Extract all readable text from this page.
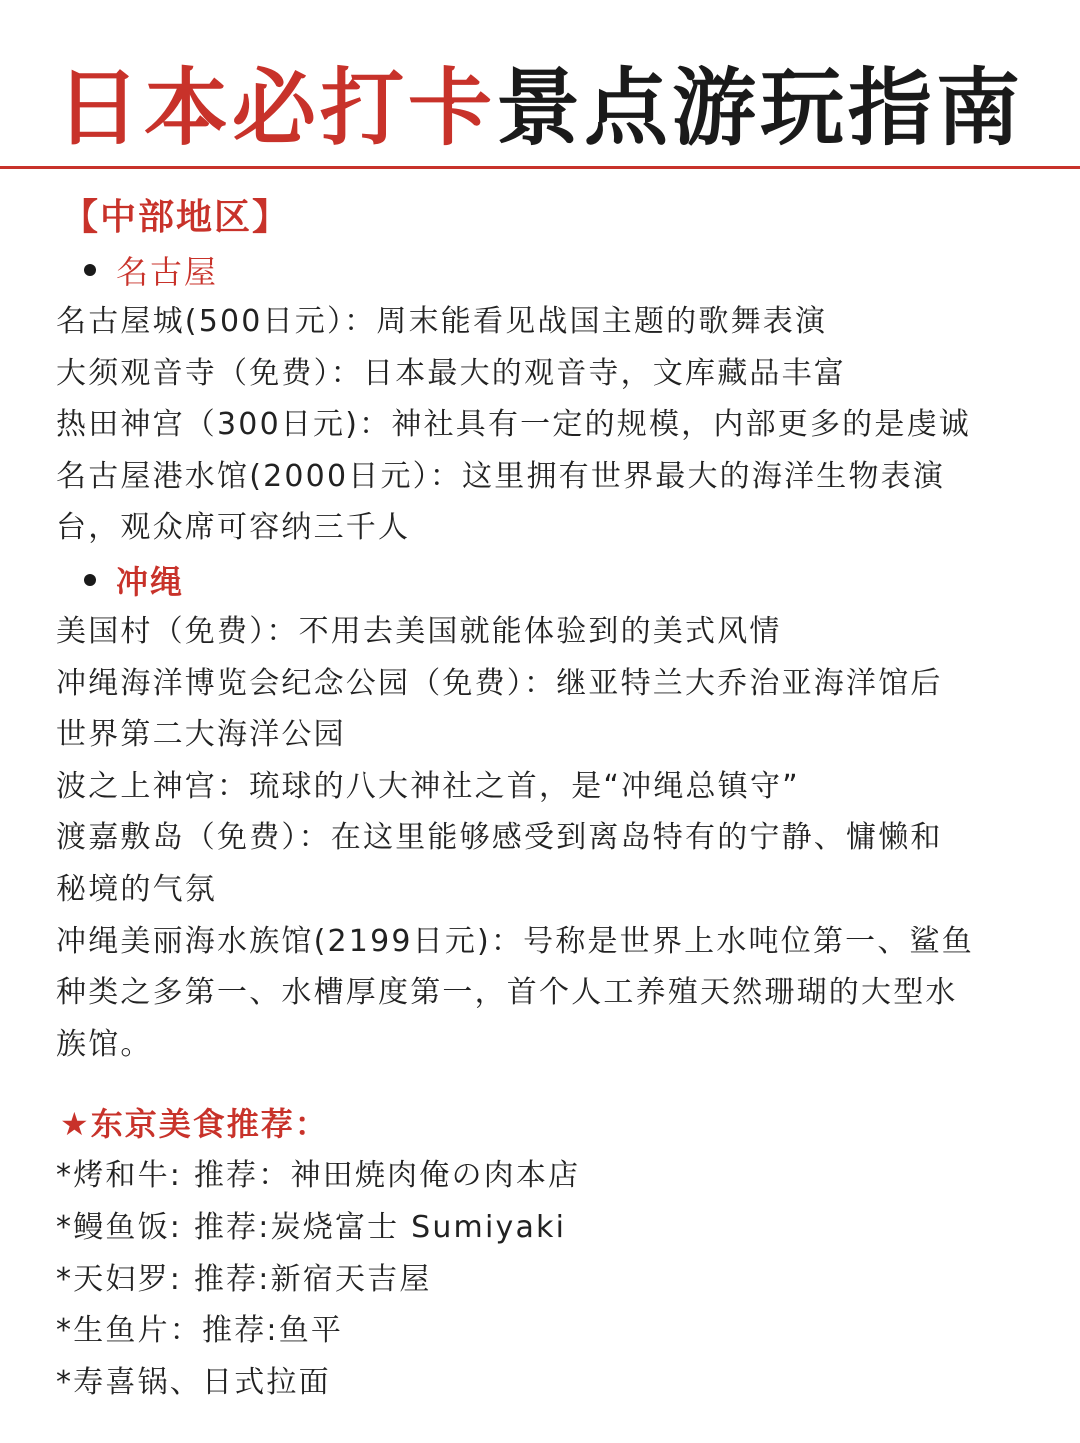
日本必打卡景点游玩指南
【中部地区】
名古屋
名古屋城(500日元）：周末能看见战国主题的歌舞表演
大须观音寺（免费）：日本最大的观音寺，文库藏品丰富
热田神宫（300日元)：神社具有一定的规模，内部更多的是虔诚
名古屋港水馆(2000日元）：这里拥有世界最大的海洋生物表演
台，观众席可容纳三千人
冲绳
美国村（免费）：不用去美国就能体验到的美式风情
冲绳海洋博览会纪念公园（免费）：继亚特兰大乔治亚海洋馆后
世界第二大海洋公园
波之上神宫：琉球的八大神社之首，是“冲绳总镇守”
渡嘉敷岛（免费）：在这里能够感受到离岛特有的宁静、慵懒和
秘境的气氛
冲绳美丽海水族馆(2199日元)：号称是世界上水吨位第一、鲨鱼
种类之多第一、水槽厚度第一，首个人工养殖天然珊瑚的大型水
族馆。
★东京美食推荐：
*烤和牛: 推荐：神田焼肉俺の肉本店
*鳗鱼饭: 推荐:炭烧富士 Sumiyaki
*天妇罗: 推荐:新宿天吉屋
*生鱼片：推荐:鱼平
*寿喜锅、日式拉面
